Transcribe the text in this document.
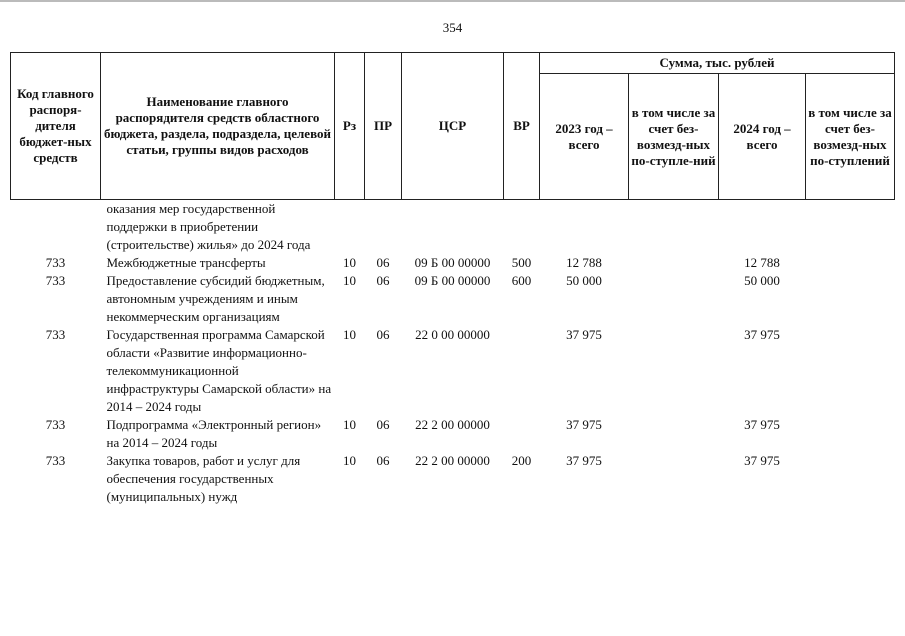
354
Код главного распоря-дителя бюджет-ных средств	Наименование главного распорядителя средств областного бюджета, раздела, подраздела, целевой статьи, группы видов расходов	Рз	ПР	ЦСР	ВР	Сумма, тыс. рублей			
						2023 год – всего	в том числе за счет без-возмезд-ных по-ступле-ний	2024 год – всего	в том числе за счет без-возмезд-ных по-ступлений
	оказания мер государственной поддержки в приобретении (строительстве) жилья» до 2024 года								
733	Межбюджетные трансферты	10	06	09 Б 00 00000	500	12 788		12 788	
733	Предоставление субсидий бюджетным, автономным учреждениям и иным некоммерческим организациям	10	06	09 Б 00 00000	600	50 000		50 000	
733	Государственная программа Самарской области «Развитие информационно-телекоммуникационной инфраструктуры Самарской области» на 2014 – 2024 годы	10	06	22 0 00 00000		37 975		37 975	
733	Подпрограмма «Электронный регион» на 2014 – 2024 годы	10	06	22 2 00 00000		37 975		37 975	
733	Закупка товаров, работ и услуг для обеспечения государственных (муниципальных) нужд	10	06	22 2 00 00000	200	37 975		37 975	
